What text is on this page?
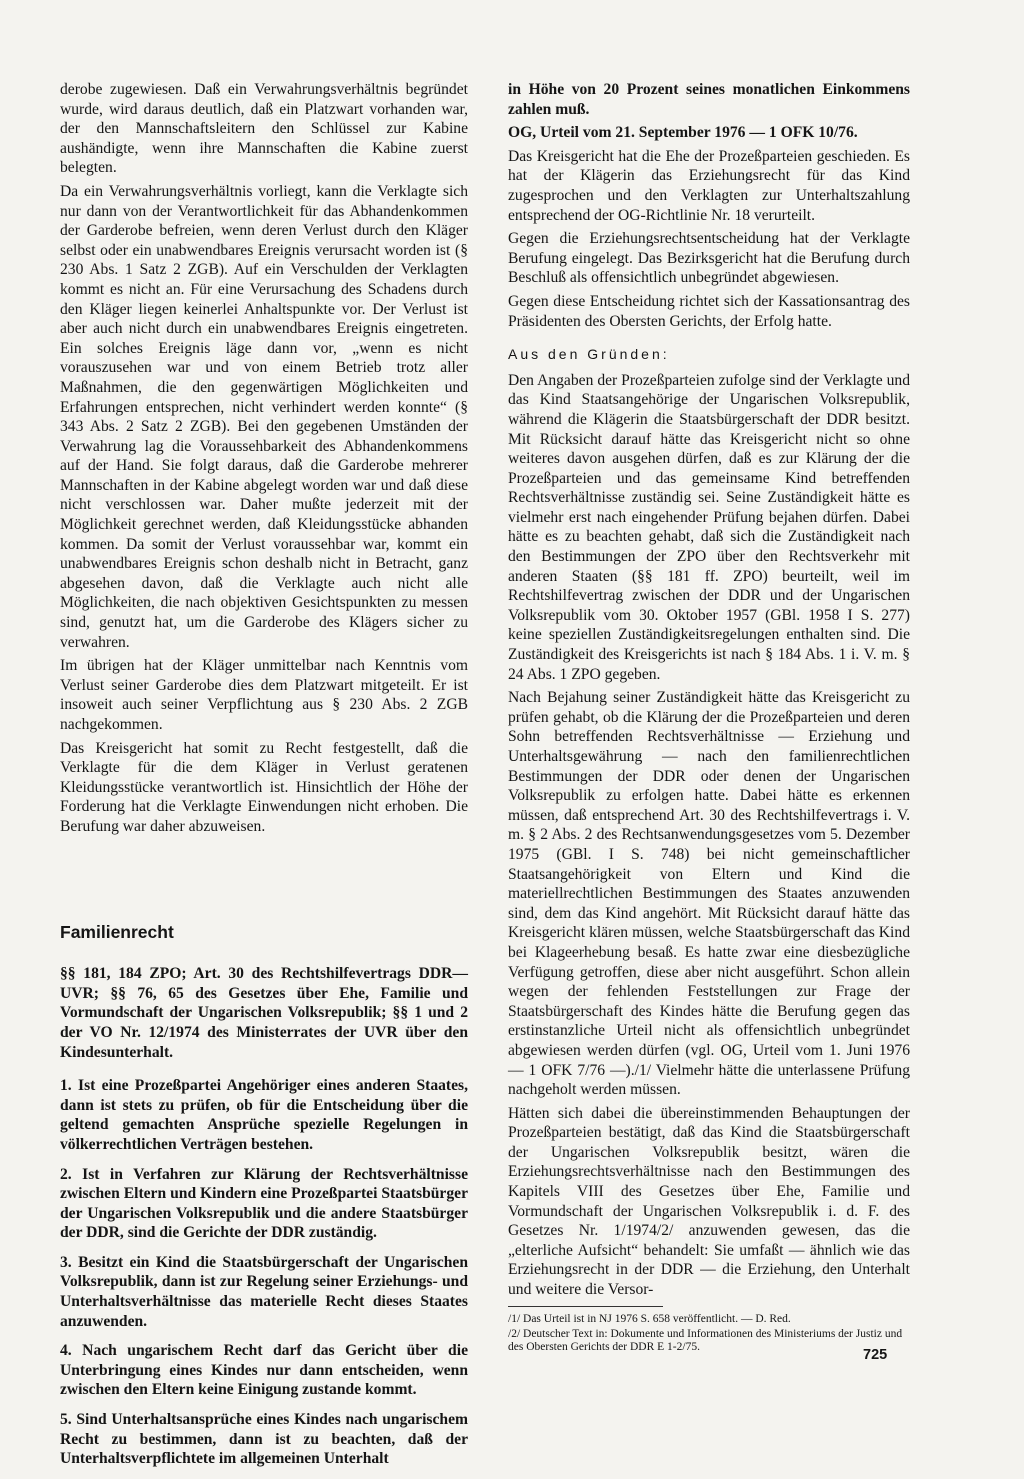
derobe zugewiesen. Daß ein Verwahrungsverhältnis begründet wurde, wird daraus deutlich, daß ein Platzwart vorhanden war, der den Mannschaftsleitern den Schlüssel zur Kabine aushändigte, wenn ihre Mannschaften die Kabine zuerst belegten.

Da ein Verwahrungsverhältnis vorliegt, kann die Verklagte sich nur dann von der Verantwortlichkeit für das Abhandenkommen der Garderobe befreien, wenn deren Verlust durch den Kläger selbst oder ein unabwendbares Ereignis verursacht worden ist (§ 230 Abs. 1 Satz 2 ZGB). Auf ein Verschulden der Verklagten kommt es nicht an. Für eine Verursachung des Schadens durch den Kläger liegen keinerlei Anhaltspunkte vor. Der Verlust ist aber auch nicht durch ein unabwendbares Ereignis eingetreten. Ein solches Ereignis läge dann vor, „wenn es nicht vorauszusehen war und von einem Betrieb trotz aller Maßnahmen, die den gegenwärtigen Möglichkeiten und Erfahrungen entsprechen, nicht verhindert werden konnte“ (§ 343 Abs. 2 Satz 2 ZGB). Bei den gegebenen Umständen der Verwahrung lag die Voraussehbarkeit des Abhandenkommens auf der Hand. Sie folgt daraus, daß die Garderobe mehrerer Mannschaften in der Kabine abgelegt worden war und daß diese nicht verschlossen war. Daher mußte jederzeit mit der Möglichkeit gerechnet werden, daß Kleidungsstücke abhanden kommen. Da somit der Verlust voraussehbar war, kommt ein unabwendbares Ereignis schon deshalb nicht in Betracht, ganz abgesehen davon, daß die Verklagte auch nicht alle Möglichkeiten, die nach objektiven Gesichtspunkten zu messen sind, genutzt hat, um die Garderobe des Klägers sicher zu verwahren.

Im übrigen hat der Kläger unmittelbar nach Kenntnis vom Verlust seiner Garderobe dies dem Platzwart mitgeteilt. Er ist insoweit auch seiner Verpflichtung aus § 230 Abs. 2 ZGB nachgekommen.

Das Kreisgericht hat somit zu Recht festgestellt, daß die Verklagte für die dem Kläger in Verlust geratenen Kleidungsstücke verantwortlich ist. Hinsichtlich der Höhe der Forderung hat die Verklagte Einwendungen nicht erhoben. Die Berufung war daher abzuweisen.

Familienrecht

§§ 181, 184 ZPO; Art. 30 des Rechtshilfevertrags DDR—UVR; §§ 76, 65 des Gesetzes über Ehe, Familie und Vormundschaft der Ungarischen Volksrepublik; §§ 1 und 2 der VO Nr. 12/1974 des Ministerrates der UVR über den Kindesunterhalt.

1. Ist eine Prozeßpartei Angehöriger eines anderen Staates, dann ist stets zu prüfen, ob für die Entscheidung über die geltend gemachten Ansprüche spezielle Regelungen in völkerrechtlichen Verträgen bestehen.

2. Ist in Verfahren zur Klärung der Rechtsverhältnisse zwischen Eltern und Kindern eine Prozeßpartei Staatsbürger der Ungarischen Volksrepublik und die andere Staatsbürger der DDR, sind die Gerichte der DDR zuständig.

3. Besitzt ein Kind die Staatsbürgerschaft der Ungarischen Volksrepublik, dann ist zur Regelung seiner Erziehungs- und Unterhaltsverhältnisse das materielle Recht dieses Staates anzuwenden.

4. Nach ungarischem Recht darf das Gericht über die Unterbringung eines Kindes nur dann entscheiden, wenn zwischen den Eltern keine Einigung zustande kommt.

5. Sind Unterhaltsansprüche eines Kindes nach ungarischem Recht zu bestimmen, dann ist zu beachten, daß der Unterhaltsverpflichtete im allgemeinen Unterhalt

in Höhe von 20 Prozent seines monatlichen Einkommens zahlen muß.

OG, Urteil vom 21. September 1976 — 1 OFK 10/76.

Das Kreisgericht hat die Ehe der Prozeßparteien geschieden. Es hat der Klägerin das Erziehungsrecht für das Kind zugesprochen und den Verklagten zur Unterhaltszahlung entsprechend der OG-Richtlinie Nr. 18 verurteilt.

Gegen die Erziehungsrechtsentscheidung hat der Verklagte Berufung eingelegt. Das Bezirksgericht hat die Berufung durch Beschluß als offensichtlich unbegründet abgewiesen.

Gegen diese Entscheidung richtet sich der Kassationsantrag des Präsidenten des Obersten Gerichts, der Erfolg hatte.

Aus den Gründen:

Den Angaben der Prozeßparteien zufolge sind der Verklagte und das Kind Staatsangehörige der Ungarischen Volksrepublik, während die Klägerin die Staatsbürgerschaft der DDR besitzt. Mit Rücksicht darauf hätte das Kreisgericht nicht so ohne weiteres davon ausgehen dürfen, daß es zur Klärung der die Prozeßparteien und das gemeinsame Kind betreffenden Rechtsverhältnisse zuständig sei. Seine Zuständigkeit hätte es vielmehr erst nach eingehender Prüfung bejahen dürfen. Dabei hätte es zu beachten gehabt, daß sich die Zuständigkeit nach den Bestimmungen der ZPO über den Rechtsverkehr mit anderen Staaten (§§ 181 ff. ZPO) beurteilt, weil im Rechtshilfevertrag zwischen der DDR und der Ungarischen Volksrepublik vom 30. Oktober 1957 (GBl. 1958 I S. 277) keine speziellen Zuständigkeitsregelungen enthalten sind. Die Zuständigkeit des Kreisgerichts ist nach § 184 Abs. 1 i. V. m. § 24 Abs. 1 ZPO gegeben.

Nach Bejahung seiner Zuständigkeit hätte das Kreisgericht zu prüfen gehabt, ob die Klärung der die Prozeßparteien und deren Sohn betreffenden Rechtsverhältnisse — Erziehung und Unterhaltsgewährung — nach den familienrechtlichen Bestimmungen der DDR oder denen der Ungarischen Volksrepublik zu erfolgen hatte. Dabei hätte es erkennen müssen, daß entsprechend Art. 30 des Rechtshilfevertrags i. V. m. § 2 Abs. 2 des Rechtsanwendungsgesetzes vom 5. Dezember 1975 (GBl. I S. 748) bei nicht gemeinschaftlicher Staatsangehörigkeit von Eltern und Kind die materiellrechtlichen Bestimmungen des Staates anzuwenden sind, dem das Kind angehört. Mit Rücksicht darauf hätte das Kreisgericht klären müssen, welche Staatsbürgerschaft das Kind bei Klageerhebung besaß. Es hatte zwar eine diesbezügliche Verfügung getroffen, diese aber nicht ausgeführt. Schon allein wegen der fehlenden Feststellungen zur Frage der Staatsbürgerschaft des Kindes hätte die Berufung gegen das erstinstanzliche Urteil nicht als offensichtlich unbegründet abgewiesen werden dürfen (vgl. OG, Urteil vom 1. Juni 1976 — 1 OFK 7/76 —)./1/ Vielmehr hätte die unterlassene Prüfung nachgeholt werden müssen.

Hätten sich dabei die übereinstimmenden Behauptungen der Prozeßparteien bestätigt, daß das Kind die Staatsbürgerschaft der Ungarischen Volksrepublik besitzt, wären die Erziehungsrechtsverhältnisse nach den Bestimmungen des Kapitels VIII des Gesetzes über Ehe, Familie und Vormundschaft der Ungarischen Volksrepublik i. d. F. des Gesetzes Nr. 1/1974/2/ anzuwenden gewesen, das die „elterliche Aufsicht“ behandelt: Sie umfaßt — ähnlich wie das Erziehungsrecht in der DDR — die Erziehung, den Unterhalt und weitere die Versor-

/1/ Das Urteil ist in NJ 1976 S. 658 veröffentlicht. — D. Red.

/2/ Deutscher Text in: Dokumente und Informationen des Ministeriums der Justiz und des Obersten Gerichts der DDR E 1-2/75.

725
